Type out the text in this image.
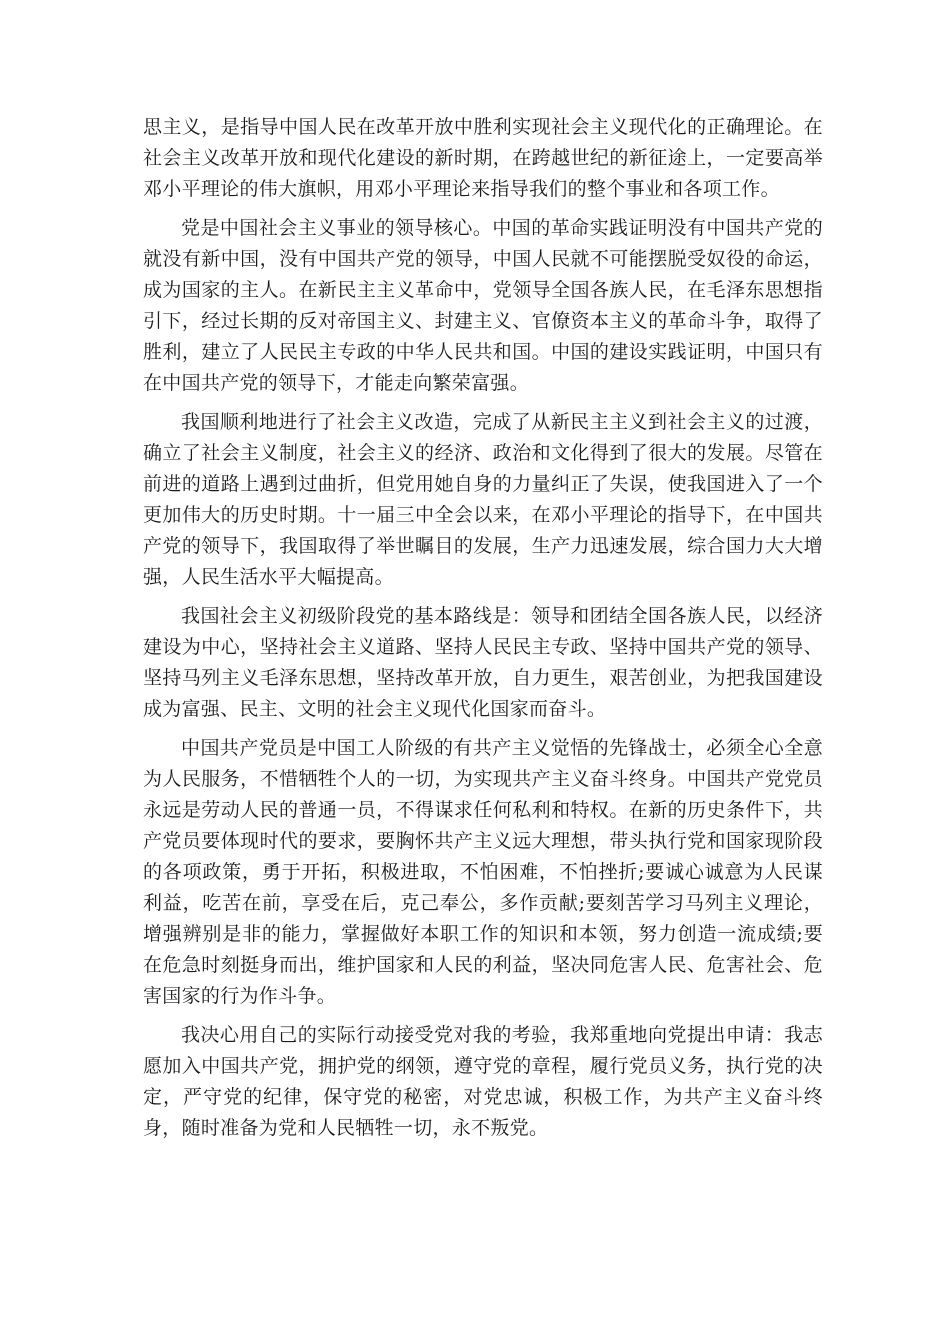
思主义，是指导中国人民在改革开放中胜利实现社会主义现代化的正确理论。在社会主义改革开放和现代化建设的新时期，在跨越世纪的新征途上，一定要高举邓小平理论的伟大旗帜，用邓小平理论来指导我们的整个事业和各项工作。

党是中国社会主义事业的领导核心。中国的革命实践证明没有中国共产党的就没有新中国，没有中国共产党的领导，中国人民就不可能摆脱受奴役的命运，成为国家的主人。在新民主主义革命中，党领导全国各族人民，在毛泽东思想指引下，经过长期的反对帝国主义、封建主义、官僚资本主义的革命斗争，取得了胜利，建立了人民民主专政的中华人民共和国。中国的建设实践证明，中国只有在中国共产党的领导下，才能走向繁荣富强。

我国顺利地进行了社会主义改造，完成了从新民主主义到社会主义的过渡，确立了社会主义制度，社会主义的经济、政治和文化得到了很大的发展。尽管在前进的道路上遇到过曲折，但党用她自身的力量纠正了失误，使我国进入了一个更加伟大的历史时期。十一届三中全会以来，在邓小平理论的指导下，在中国共产党的领导下，我国取得了举世瞩目的发展，生产力迅速发展，综合国力大大增强，人民生活水平大幅提高。

我国社会主义初级阶段党的基本路线是：领导和团结全国各族人民，以经济建设为中心，坚持社会主义道路、坚持人民民主专政、坚持中国共产党的领导、坚持马列主义毛泽东思想，坚持改革开放，自力更生，艰苦创业，为把我国建设成为富强、民主、文明的社会主义现代化国家而奋斗。

中国共产党员是中国工人阶级的有共产主义觉悟的先锋战士，必须全心全意为人民服务，不惜牺牲个人的一切，为实现共产主义奋斗终身。中国共产党党员永远是劳动人民的普通一员，不得谋求任何私利和特权。在新的历史条件下，共产党员要体现时代的要求，要胸怀共产主义远大理想，带头执行党和国家现阶段的各项政策，勇于开拓，积极进取，不怕困难，不怕挫折;要诚心诚意为人民谋利益，吃苦在前，享受在后，克己奉公，多作贡献;要刻苦学习马列主义理论，增强辨别是非的能力，掌握做好本职工作的知识和本领，努力创造一流成绩;要在危急时刻挺身而出，维护国家和人民的利益，坚决同危害人民、危害社会、危害国家的行为作斗争。

我决心用自己的实际行动接受党对我的考验，我郑重地向党提出申请：我志愿加入中国共产党，拥护党的纲领，遵守党的章程，履行党员义务，执行党的决定，严守党的纪律，保守党的秘密，对党忠诚，积极工作，为共产主义奋斗终身，随时准备为党和人民牺牲一切，永不叛党。
